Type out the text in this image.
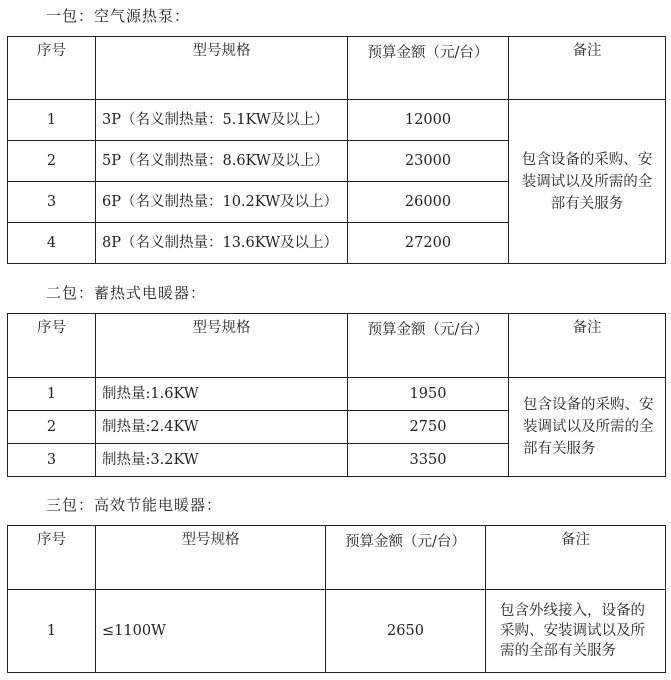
一包：空气源热泵：
序号	型号规格	预算金额（元/台）	备注
1	3P（名义制热量：5.1KW及以上）	12000	包含设备的采购、安装调试以及所需的全部有关服务
2	5P（名义制热量：8.6KW及以上）	23000	
3	6P（名义制热量：10.2KW及以上）	26000	
4	8P（名义制热量：13.6KW及以上）	27200	
二包：蓄热式电暖器：
序号	型号规格	预算金额（元/台）	备注
1	制热量:1.6KW	1950	包含设备的采购、安装调试以及所需的全部有关服务
2	制热量:2.4KW	2750	
3	制热量:3.2KW	3350	
三包：高效节能电暖器：
序号	型号规格	预算金额（元/台）	备注
1	≤1100W	2650	包含外线接入，设备的采购、安装调试以及所需的全部有关服务
